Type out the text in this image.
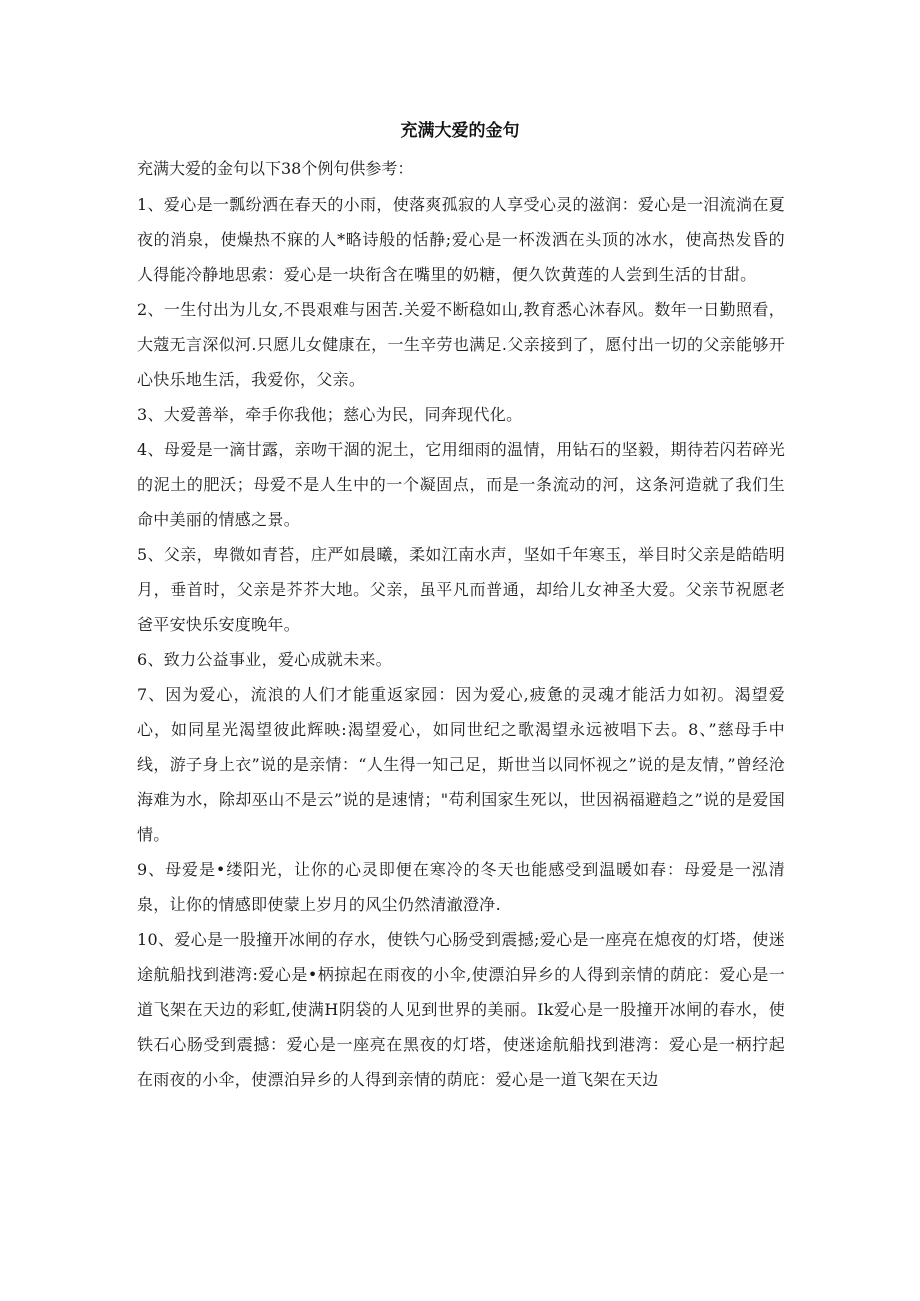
充满大爱的金句

充满大爱的金句以下38个例句供参考：

1、爱心是一瓢纷洒在春天的小雨，使落爽孤寂的人享受心灵的滋润：爱心是一泪流淌在夏夜的消泉，使燥热不寐的人*略诗般的恬静;爱心是一杯泼洒在头顶的冰水，使高热发昏的人得能冷静地思索：爱心是一块衔含在嘴里的奶糖，便久饮黄莲的人尝到生活的甘甜。

2、一生付出为儿女,不畏艰难与困苦.关爱不断稳如山,教育悉心沐春风。数年一日勤照看，大蔻无言深似河.只愿儿女健康在，一生辛劳也满足.父亲接到了，愿付出一切的父亲能够开心快乐地生活，我爱你，父亲。

3、大爱善举，牵手你我他；慈心为民，同奔现代化。

4、母爱是一滴甘露，亲吻干涸的泥土，它用细雨的温情，用钻石的坚毅，期待若闪若碎光的泥土的肥沃；母爱不是人生中的一个凝固点，而是一条流动的河，这条河造就了我们生命中美丽的情感之景。

5、父亲，卑微如青苔，庄严如晨曦，柔如江南水声，坚如千年寒玉，举目时父亲是皓皓明月，垂首时，父亲是芥芥大地。父亲，虽平凡而普通，却给儿女神圣大爱。父亲节祝愿老爸平安快乐安度晚年。

6、致力公益事业，爱心成就未来。

7、因为爱心，流浪的人们才能重返家园：因为爱心,疲惫的灵魂才能活力如初。渴望爱心，如同星光渴望彼此辉映:渴望爱心，如同世纪之歌渴望永远被唱下去。8、”慈母手中线，游子身上衣”说的是亲情：“人生得一知己足，斯世当以同怀视之”说的是友情，”曾经沧海难为水，除却巫山不是云”说的是速情；"苟利国家生死以，世因祸福避趋之”说的是爱国情。

9、母爱是•缕阳光，让你的心灵即便在寒冷的冬天也能感受到温暖如春：母爱是一泓清泉，让你的情感即使蒙上岁月的风尘仍然清澈澄净.

10、爱心是一股撞开冰闸的存水，使铁勺心肠受到震撼;爱心是一座亮在熄夜的灯塔，使迷途航船找到港湾:爱心是•柄掠起在雨夜的小伞,使漂泊异乡的人得到亲情的荫庇：爱心是一道飞架在天边的彩虹,使满H阴袋的人见到世界的美丽。Ik爱心是一股撞开冰闸的春水，使铁石心肠受到震撼：爱心是一座亮在黑夜的灯塔，使迷途航船找到港湾：爱心是一柄拧起在雨夜的小伞，使漂泊异乡的人得到亲情的荫庇：爱心是一道飞架在天边
